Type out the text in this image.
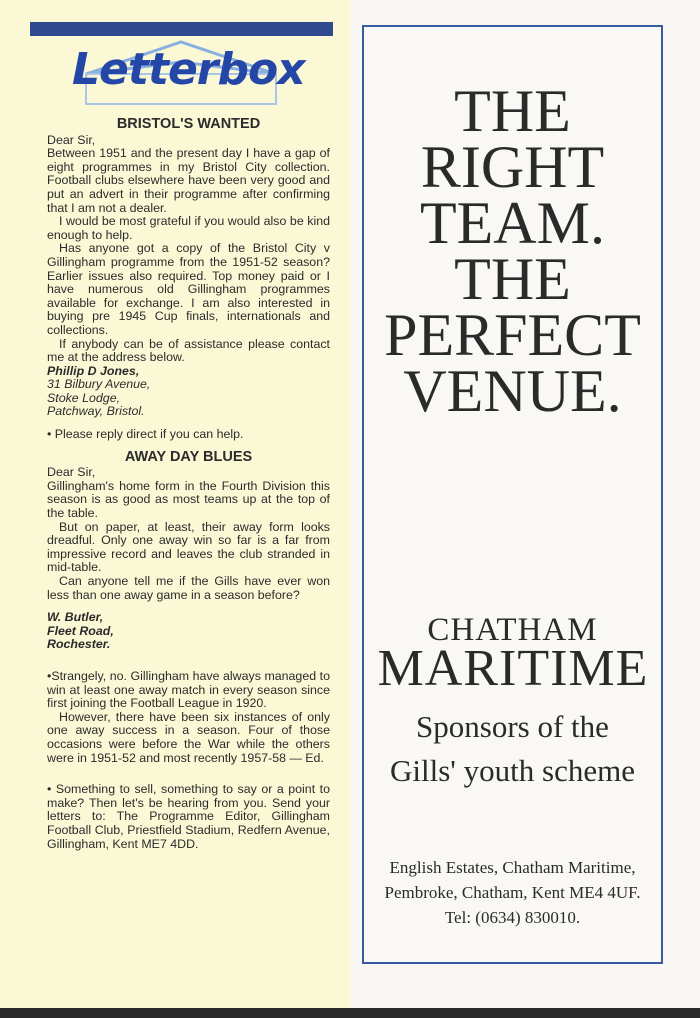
Letterbox
BRISTOL'S WANTED

Dear Sir,

Between 1951 and the present day I have a gap of eight programmes in my Bristol City collection. Football clubs elsewhere have been very good and put an advert in their programme after confirming that I am not a dealer.

I would be most grateful if you would also be kind enough to help.

Has anyone got a copy of the Bristol City v Gillingham programme from the 1951-52 season? Earlier issues also required. Top money paid or I have numerous old Gillingham programmes available for exchange. I am also interested in buying pre 1945 Cup finals, internationals and collections.

If anybody can be of assistance please contact me at the address below.

Phillip D Jones,

31 Bilbury Avenue,

Stoke Lodge,

Patchway, Bristol.

• Please reply direct if you can help.

AWAY DAY BLUES

Dear Sir,

Gillingham's home form in the Fourth Division this season is as good as most teams up at the top of the table.

But on paper, at least, their away form looks dreadful. Only one away win so far is a far from impressive record and leaves the club stranded in mid-table.

Can anyone tell me if the Gills have ever won less than one away game in a season before?

W. Butler,

Fleet Road,

Rochester.

•Strangely, no. Gillingham have always managed to win at least one away match in every season since first joining the Football League in 1920.

However, there have been six instances of only one away success in a season. Four of those occasions were before the War while the others were in 1951-52 and most recently 1957-58 — Ed.

• Something to sell, something to say or a point to make? Then let's be hearing from you. Send your letters to: The Programme Editor, Gillingham Football Club, Priestfield Stadium, Redfern Avenue, Gillingham, Kent ME7 4DD.

THE
RIGHT
TEAM.
THE
PERFECT
VENUE.
CHATHAM
MARITIME
Sponsors of the
Gills' youth scheme
English Estates, Chatham Maritime,
Pembroke, Chatham, Kent ME4 4UF.
Tel: (0634) 830010.
